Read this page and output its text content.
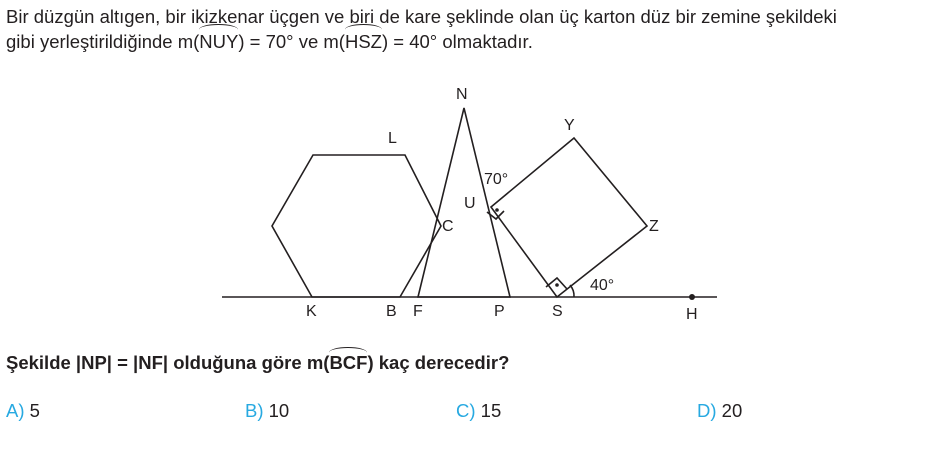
Bir düzgün altıgen, bir ikizkenar üçgen ve biri de kare şeklinde olan üç karton düz bir zemine şekildeki
gibi yerleştirildiğinde m(NUY) = 70° ve m(HSZ) = 40° olmaktadır.
N
L
Y
70°
U
C	Z
40°
K	B F	P	S	H
Şekilde |NP| = |NF| olduğuna göre m(BCF) kaç derecedir?
A) 5	B) 10	C) 15	D) 20
